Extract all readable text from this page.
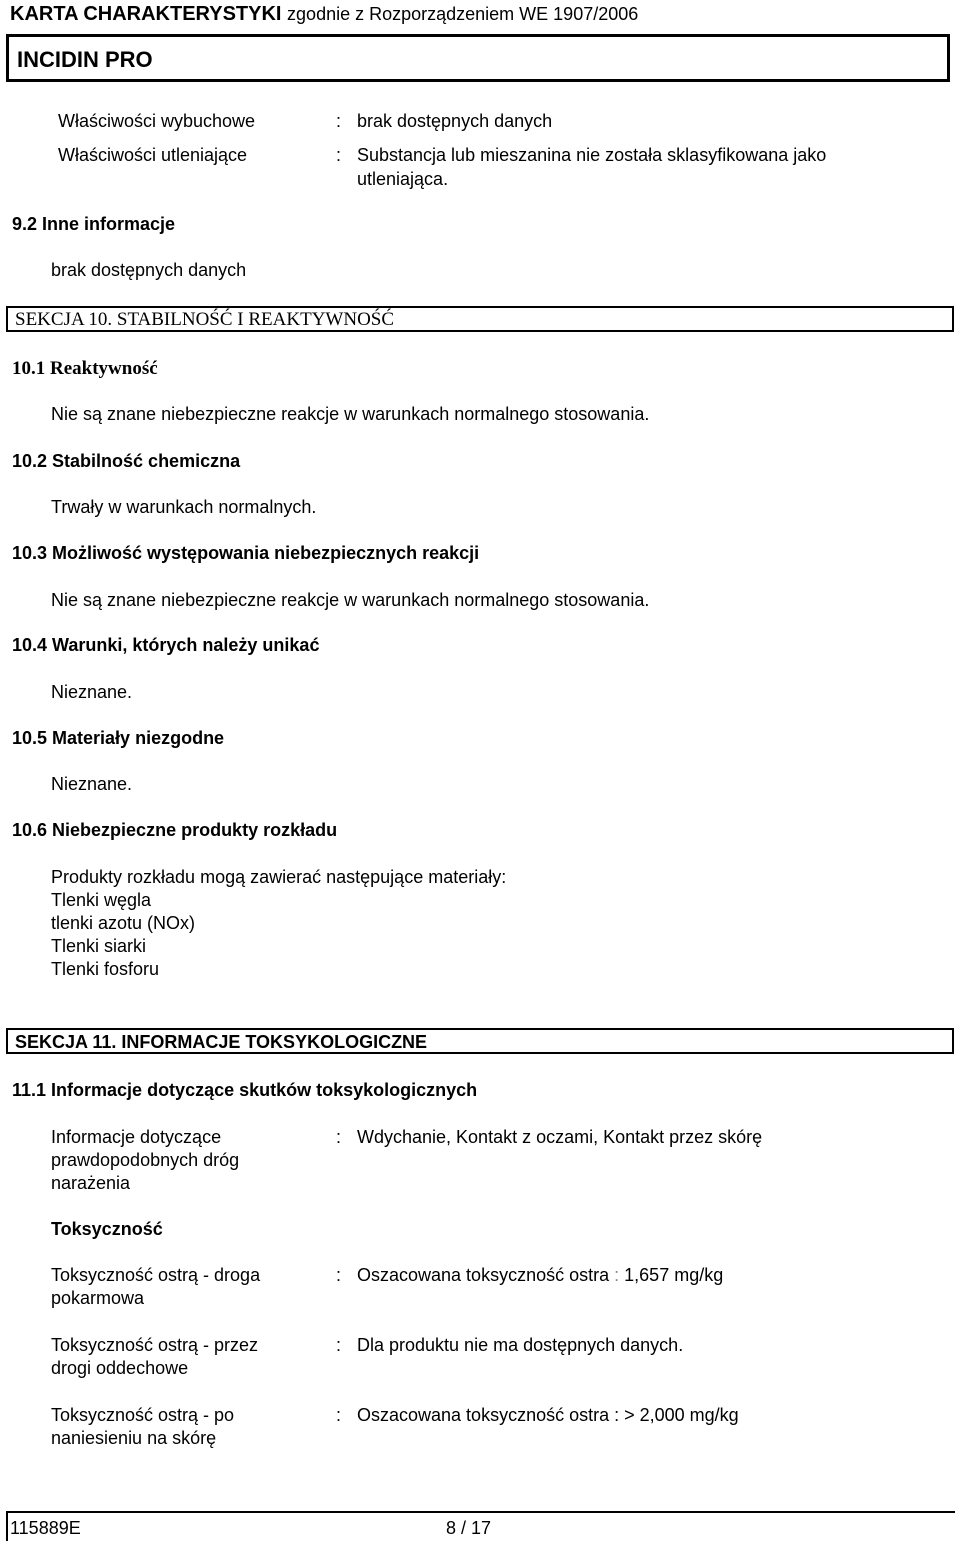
KARTA CHARAKTERYSTYKI zgodnie z Rozporządzeniem WE 1907/2006
INCIDIN PRO
Właściwości wybuchowe	: brak dostępnych danych
Właściwości utleniające	: Substancja lub mieszanina nie została sklasyfikowana jako
utleniająca.
9.2 Inne informacje
brak dostępnych danych
SEKCJA 10. STABILNOŚĆ I REAKTYWNOŚĆ
10.1 Reaktywność
Nie są znane niebezpieczne reakcje w warunkach normalnego stosowania.
10.2 Stabilność chemiczna
Trwały w warunkach normalnych.
10.3 Możliwość występowania niebezpiecznych reakcji
Nie są znane niebezpieczne reakcje w warunkach normalnego stosowania.
10.4 Warunki, których należy unikać
Nieznane.
10.5 Materiały niezgodne
Nieznane.
10.6 Niebezpieczne produkty rozkładu
Produkty rozkładu mogą zawierać następujące materiały:
Tlenki węgla
tlenki azotu (NOx)
Tlenki siarki
Tlenki fosforu
SEKCJA 11. INFORMACJE TOKSYKOLOGICZNE
11.1 Informacje dotyczące skutków toksykologicznych
Informacje dotyczące
prawdopodobnych dróg
narażenia
: Wdychanie, Kontakt z oczami, Kontakt przez skórę
Toksyczność
Toksyczność ostrą - droga
pokarmowa
: Oszacowana toksyczność ostra : 1,657 mg/kg
Toksyczność ostrą - przez
drogi oddechowe
: Dla produktu nie ma dostępnych danych.
Toksyczność ostrą - po
naniesieniu na skórę
: Oszacowana toksyczność ostra : > 2,000 mg/kg
115889E	8 / 17
